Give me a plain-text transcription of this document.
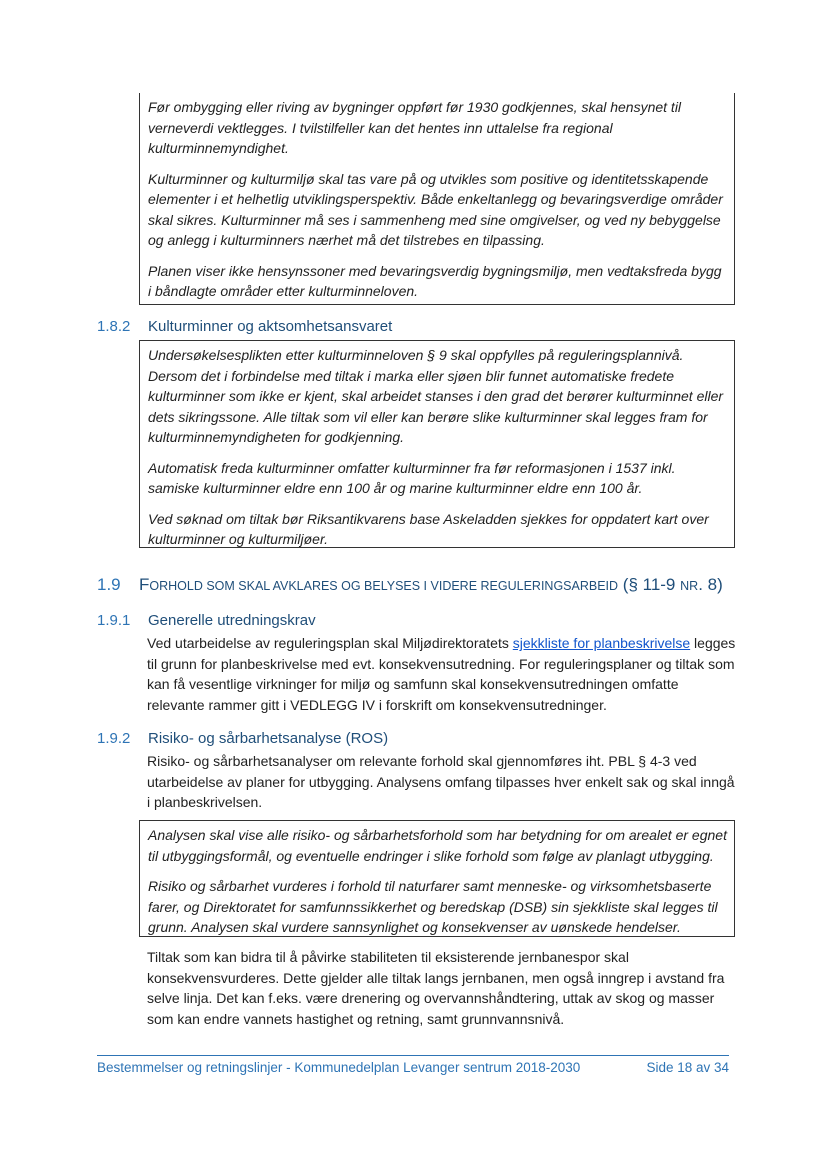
Før ombygging eller riving av bygninger oppført før 1930 godkjennes, skal hensynet til verneverdi vektlegges. I tvilstilfeller kan det hentes inn uttalelse fra regional kulturminnemyndighet.

Kulturminner og kulturmiljø skal tas vare på og utvikles som positive og identitetsskapende elementer i et helhetlig utviklingsperspektiv. Både enkeltanlegg og bevaringsverdige områder skal sikres. Kulturminner må ses i sammenheng med sine omgivelser, og ved ny bebyggelse og anlegg i kulturminners nærhet må det tilstrebes en tilpassing.

Planen viser ikke hensynssoner med bevaringsverdig bygningsmiljø, men vedtaksfreda bygg i båndlagte områder etter kulturminneloven.

1.8.2 Kulturminner og aktsomhetsansvaret

Undersøkelsesplikten etter kulturminneloven § 9 skal oppfylles på reguleringsplannivå. Dersom det i forbindelse med tiltak i marka eller sjøen blir funnet automatiske fredete kulturminner som ikke er kjent, skal arbeidet stanses i den grad det berører kulturminnet eller dets sikringssone. Alle tiltak som vil eller kan berøre slike kulturminner skal legges fram for kulturminnemyndigheten for godkjenning.

Automatisk freda kulturminner omfatter kulturminner fra før reformasjonen i 1537 inkl. samiske kulturminner eldre enn 100 år og marine kulturminner eldre enn 100 år.

Ved søknad om tiltak bør Riksantikvarens base Askeladden sjekkes for oppdatert kart over kulturminner og kulturmiljøer.

1.9 FORHOLD SOM SKAL AVKLARES OG BELYSES I VIDERE REGULERINGSARBEID (§ 11-9 NR. 8)
1.9.1 Generelle utredningskrav

Ved utarbeidelse av reguleringsplan skal Miljødirektoratets sjekkliste for planbeskrivelse legges til grunn for planbeskrivelse med evt. konsekvensutredning. For reguleringsplaner og tiltak som kan få vesentlige virkninger for miljø og samfunn skal konsekvensutredningen omfatte relevante rammer gitt i VEDLEGG IV i forskrift om konsekvensutredninger.

1.9.2 Risiko- og sårbarhetsanalyse (ROS)

Risiko- og sårbarhetsanalyser om relevante forhold skal gjennomføres iht. PBL § 4-3 ved utarbeidelse av planer for utbygging. Analysens omfang tilpasses hver enkelt sak og skal inngå i planbeskrivelsen.

Analysen skal vise alle risiko- og sårbarhetsforhold som har betydning for om arealet er egnet til utbyggingsformål, og eventuelle endringer i slike forhold som følge av planlagt utbygging.

Risiko og sårbarhet vurderes i forhold til naturfarer samt menneske- og virksomhetsbaserte farer, og Direktoratet for samfunnssikkerhet og beredskap (DSB) sin sjekkliste skal legges til grunn. Analysen skal vurdere sannsynlighet og konsekvenser av uønskede hendelser.

Tiltak som kan bidra til å påvirke stabiliteten til eksisterende jernbanespor skal konsekvensvurderes. Dette gjelder alle tiltak langs jernbanen, men også inngrep i avstand fra selve linja. Det kan f.eks. være drenering og overvannshåndtering, uttak av skog og masser som kan endre vannets hastighet og retning, samt grunnvannsnivå.

Bestemmelser og retningslinjer - Kommunedelplan Levanger sentrum 2018-2030	Side 18 av 34
